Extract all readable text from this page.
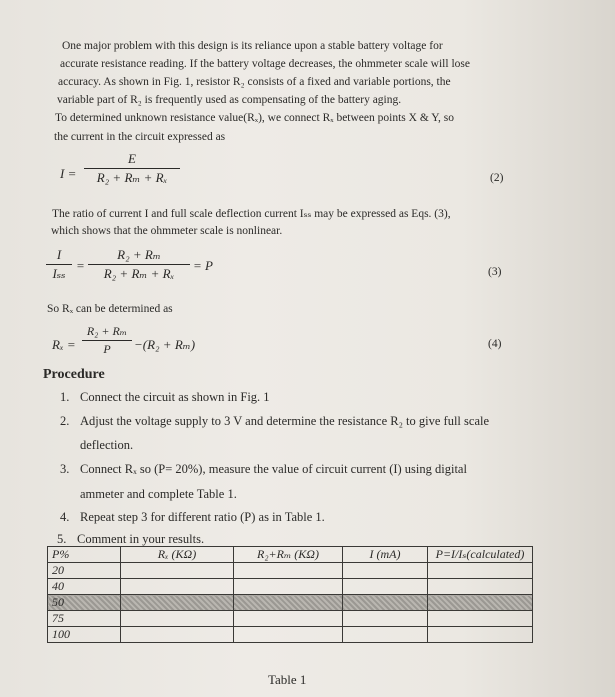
One major problem with this design is its reliance upon a stable battery voltage for
accurate resistance reading. If the battery voltage decreases, the ohmmeter scale will lose
accuracy. As shown in Fig. 1, resistor R₂ consists of a fixed and variable portions, the
variable part of R₂ is frequently used as compensating of the battery aging.
To determined unknown resistance value(Rₓ), we connect Rₓ between points X & Y, so
the current in the circuit expressed as
$I = \frac{E}{\text{R₂ + Rₘ + Rₓ}}$	(2)
The ratio of current I and full scale deflection current Iₛₛ may be expressed as Eqs. (3),
which shows that the ohmmeter scale is nonlinear.
I
Iₛₛ
= $\frac{\text{R₂ + Rₘ}}{\text{R₂ + Rₘ + Rₓ}} = P$	(3)
So Rₓ can be determined as
$R_x = \frac{\text{R₂ + Rₘ}}{P} -(R_2 + R_m)$	(4)
Procedure
1. Connect the circuit as shown in Fig. 1
2. Adjust the voltage supply to 3 V and determine the resistance R₂ to give full scale
deflection.
3. Connect Rₓ so (P= 20%), measure the value of circuit current (I) using digital
ammeter and complete Table 1.
4. Repeat step 3 for different ratio (P) as in Table 1.
5. Comment in your results.
P%	Rₓ (KΩ)	R₂+Rₘ (KΩ)	I (mA)	P=I/Iₛ(calculated)
20				
40				
50				
75				
100				
Table 1
